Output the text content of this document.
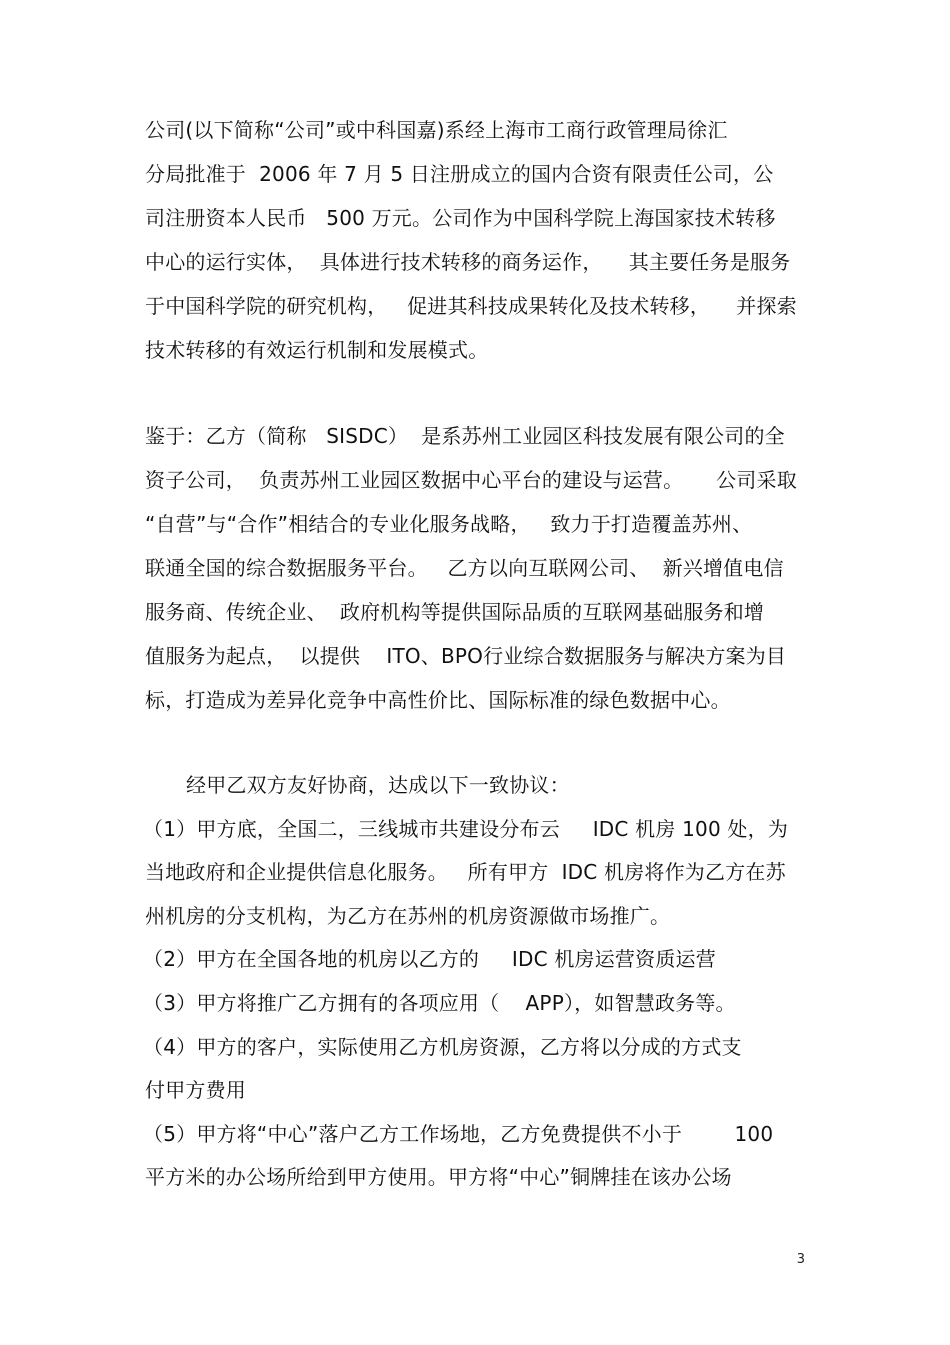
公司(以下简称“公司”或中科国嘉)系经上海市工商行政管理局徐汇
分局批准于  2006 年 7 月 5 日注册成立的国内合资有限责任公司，公
司注册资本人民币   500 万元。公司作为中国科学院上海国家技术转移
中心的运行实体，  具体进行技术转移的商务运作，    其主要任务是服务
于中国科学院的研究机构，   促进其科技成果转化及技术转移，    并探索
技术转移的有效运行机制和发展模式。
鉴于：乙方（简称   SISDC）  是系苏州工业园区科技发展有限公司的全
资子公司，  负责苏州工业园区数据中心平台的建设与运营。     公司采取
“自营”与“合作”相结合的专业化服务战略，   致力于打造覆盖苏州、
联通全国的综合数据服务平台。   乙方以向互联网公司、  新兴增值电信
服务商、传统企业、  政府机构等提供国际品质的互联网基础服务和增
值服务为起点，  以提供    ITO、BPO行业综合数据服务与解决方案为目
标，打造成为差异化竞争中高性价比、国际标准的绿色数据中心。
经甲乙双方友好协商，达成以下一致协议：
（1）甲方底，全国二，三线城市共建设分布云     IDC 机房 100 处，为
当地政府和企业提供信息化服务。   所有甲方  IDC 机房将作为乙方在苏
州机房的分支机构，为乙方在苏州的机房资源做市场推广。
（2）甲方在全国各地的机房以乙方的     IDC 机房运营资质运营
（3）甲方将推广乙方拥有的各项应用（    APP），如智慧政务等。
（4）甲方的客户，实际使用乙方机房资源，乙方将以分成的方式支
付甲方费用
（5）甲方将“中心”落户乙方工作场地，乙方免费提供不小于        100
平方米的办公场所给到甲方使用。甲方将“中心”铜牌挂在该办公场
3
